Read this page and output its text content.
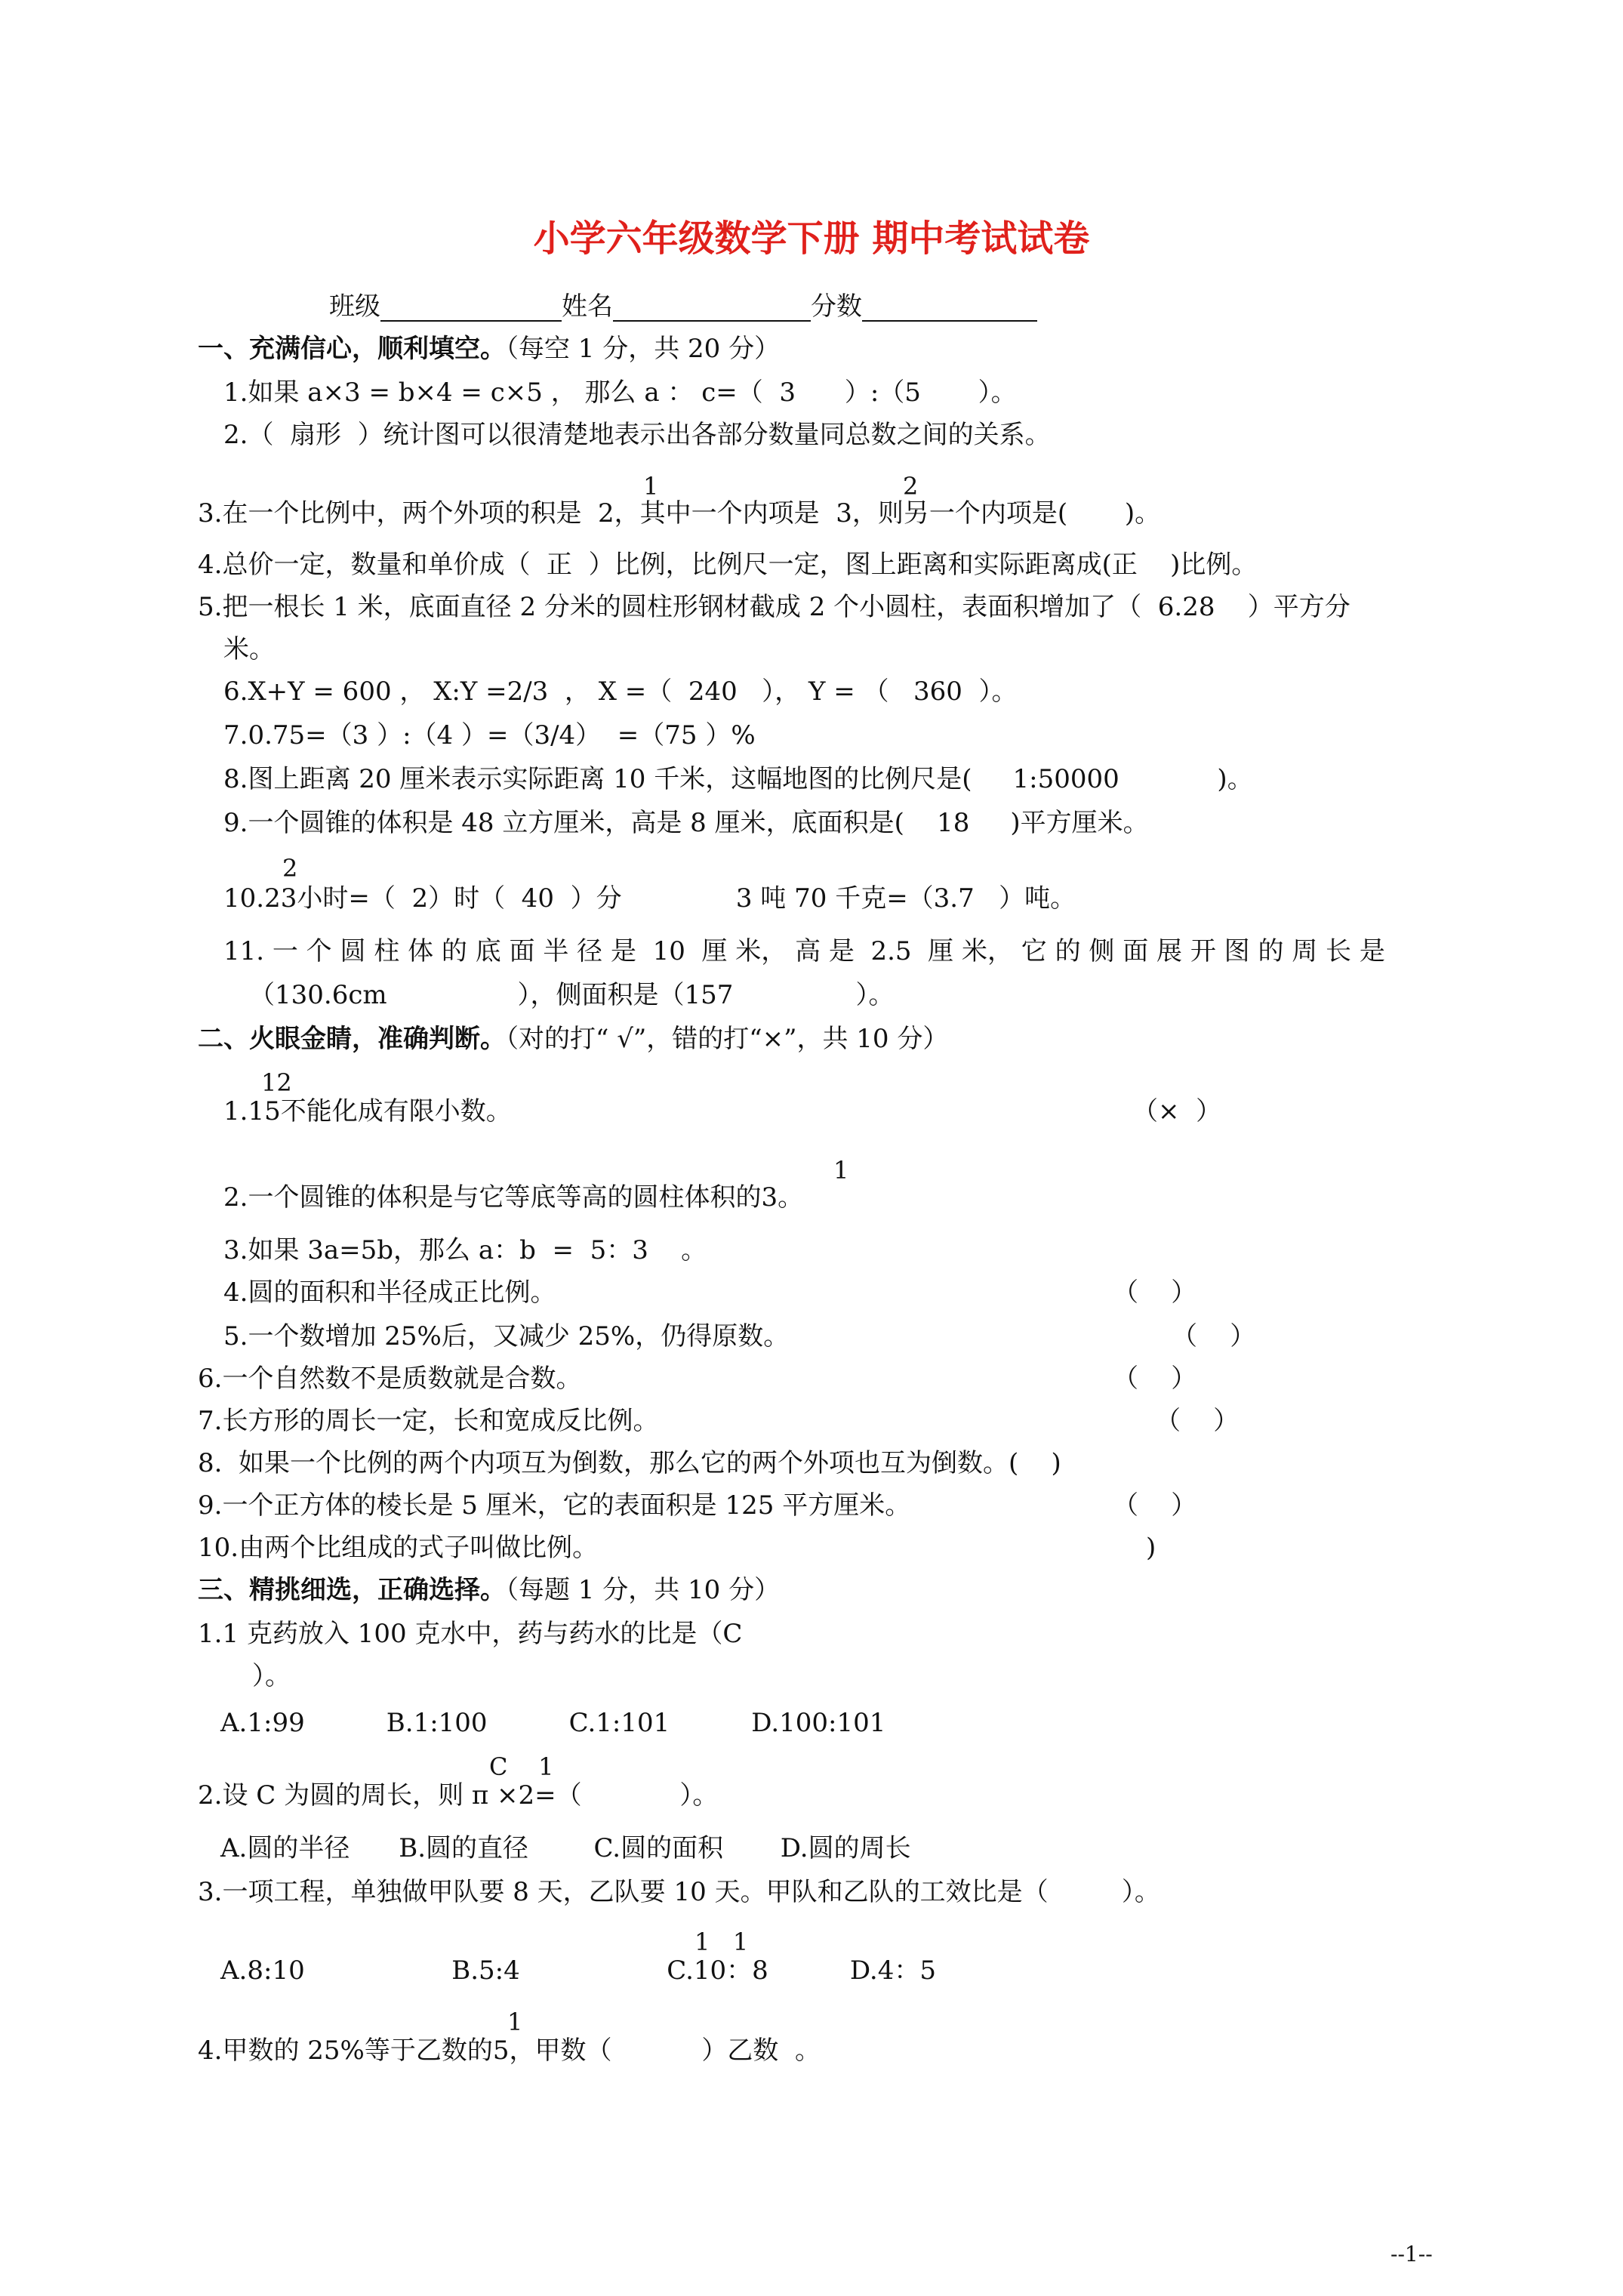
小学六年级数学下册 期中考试试卷
班级	姓名	分数
一、充满信心，顺利填空。（每空 1 分，共 20 分）
1.如果 a×3 = b×4 = c×5 ， 那么 a ： c=（  3      ）:（5       ）。
2.（  扇形  ）统计图可以很清楚地表示出各部分数量同总数之间的关系。
1	2
3.在一个比例中，两个外项的积是  2，其中一个内项是  3，则另一个内项是(       )。
4.总价一定，数量和单价成（  正  ）比例，比例尺一定，图上距离和实际距离成(正    )比例。
5.把一根长 1 米，底面直径 2 分米的圆柱形钢材截成 2 个小圆柱，表面积增加了（  6.28    ）平方分
米。
6.X+Y = 600 ， X:Y =2/3  ， X =（  240   ）， Y = （   360  ）。
7.0.75=（3 ）:（4 ）=（3/4）  =（75 ）%
8.图上距离 20 厘米表示实际距离 10 千米，这幅地图的比例尺是(     1:50000            )。
9.一个圆锥的体积是 48 立方厘米，高是 8 厘米，底面积是(    18     )平方厘米。
2
10.23小时=（  2）时（  40  ）分              3 吨 70 千克=（3.7   ）吨。
11. 一 个 圆 柱 体 的 底 面 半 径 是  10  厘 米， 高 是  2.5  厘 米， 它 的 侧 面 展 开 图 的 周 长 是
（130.6cm                ），侧面积是（157               ）。
二、火眼金睛，准确判断。（对的打“ √”，错的打“×”，共 10 分）
12
1.15不能化成有限小数。	（×  ）
1
2.一个圆锥的体积是与它等底等高的圆柱体积的3。
3.如果 3a=5b，那么 a：b  =  5：3    。
4.圆的面积和半径成正比例。	（    ）
5.一个数增加 25%后，又减少 25%，仍得原数。	（    ）
6.一个自然数不是质数就是合数。	（    ）
7.长方形的周长一定，长和宽成反比例。	（    ）
8.  如果一个比例的两个内项互为倒数，那么它的两个外项也互为倒数。(    )
9.一个正方体的棱长是 5 厘米，它的表面积是 125 平方厘米。	（    ）
10.由两个比组成的式子叫做比例。	)
三、精挑细选，正确选择。（每题 1 分，共 10 分）
1.1 克药放入 100 克水中，药与药水的比是（C
）。
A.1:99          B.1:100          C.1:101          D.100:101
C    1
2.设 C 为圆的周长，则 π ×2=（            ）。
A.圆的半径      B.圆的直径        C.圆的面积       D.圆的周长
3.一项工程，单独做甲队要 8 天，乙队要 10 天。甲队和乙队的工效比是（         ）。
1   1
A.8:10                  B.5:4                  C.10：8          D.4：5
1
4.甲数的 25%等于乙数的5，甲数（           ）乙数  。
--1--
